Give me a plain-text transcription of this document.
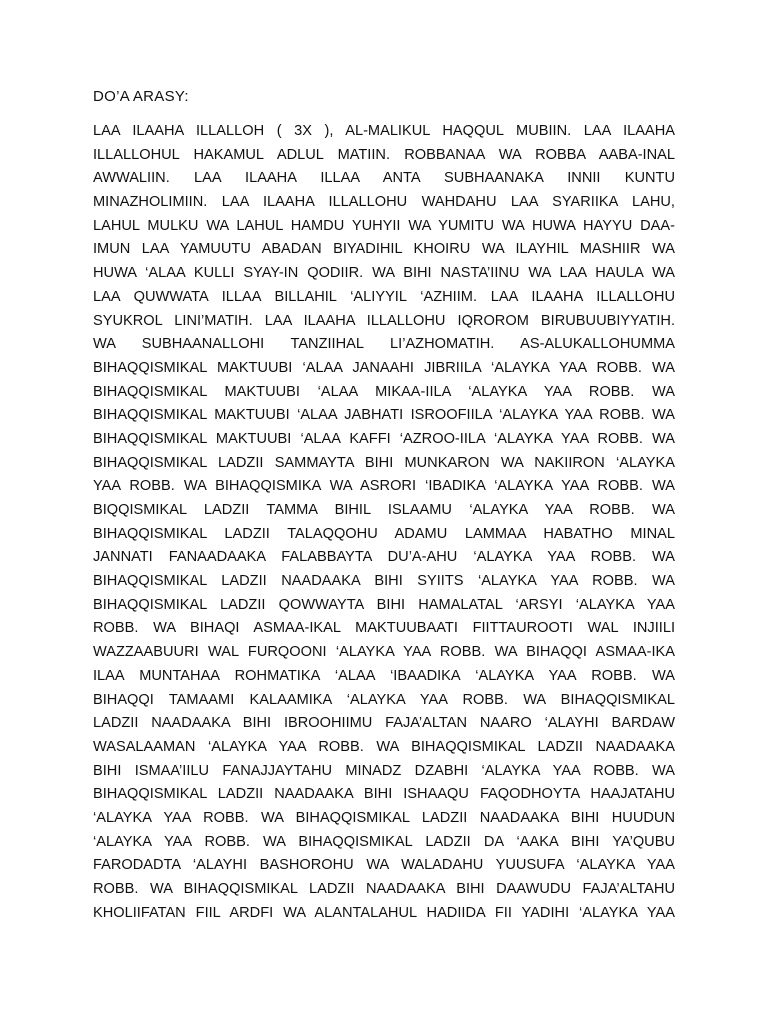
DO’A ARASY:
LAA ILAAHA ILLALLOH ( 3X ), AL-MALIKUL HAQQUL MUBIIN. LAA ILAAHA
ILLALLOHUL HAKAMUL ADLUL MATIIN. ROBBANAA WA ROBBA AABA-INAL
AWWALIIN. LAA ILAAHA ILLAA ANTA SUBHAANAKA INNII KUNTU
MINAZHOLIMIIN. LAA ILAAHA ILLALLOHU WAHDAHU LAA SYARIIKA LAHU,
LAHUL MULKU WA LAHUL HAMDU YUHYII WA YUMITU WA HUWA HAYYU DAA-
IMUN LAA YAMUUTU ABADAN BIYADIHIL KHOIRU WA ILAYHIL MASHIIR WA
HUWA ‘ALAA KULLI SYAY-IN QODIIR. WA BIHI NASTA’IINU WA LAA HAULA WA
LAA QUWWATA ILLAA BILLAHIL ‘ALIYYIL ‘AZHIIM. LAA ILAAHA ILLALLOHU
SYUKROL LINI’MATIH. LAA ILAAHA ILLALLOHU IQROROM BIRUBUUBIYYATIH.
WA SUBHAANALLOHI TANZIIHAL LI’AZHOMATIH. AS-ALUKALLOHUMMA
BIHAQQISMIKAL MAKTUUBI ‘ALAA JANAAHI JIBRIILA ‘ALAYKA YAA ROBB. WA
BIHAQQISMIKAL MAKTUUBI ‘ALAA MIKAA-IILA ‘ALAYKA YAA ROBB. WA
BIHAQQISMIKAL MAKTUUBI ‘ALAA JABHATI ISROOFIILA ‘ALAYKA YAA ROBB. WA
BIHAQQISMIKAL MAKTUUBI ‘ALAA KAFFI ‘AZROO-IILA ‘ALAYKA YAA ROBB. WA
BIHAQQISMIKAL LADZII SAMMAYTA BIHI MUNKARON WA NAKIIRON ‘ALAYKA
YAA ROBB. WA BIHAQQISMIKA WA ASRORI ‘IBADIKA ‘ALAYKA YAA ROBB. WA
BIQQISMIKAL LADZII TAMMA BIHIL ISLAAMU ‘ALAYKA YAA ROBB. WA
BIHAQQISMIKAL LADZII TALAQQOHU ADAMU LAMMAA HABATHO MINAL
JANNATI FANAADAAKA FALABBAYTA DU’A-AHU ‘ALAYKA YAA ROBB. WA
BIHAQQISMIKAL LADZII NAADAAKA BIHI SYIITS ‘ALAYKA YAA ROBB. WA
BIHAQQISMIKAL LADZII QOWWAYTA BIHI HAMALATAL ‘ARSYI ‘ALAYKA YAA
ROBB. WA BIHAQI ASMAA-IKAL MAKTUUBAATI FIITTAUROOTI WAL INJIILI
WAZZAABUURI WAL FURQOONI ‘ALAYKA YAA ROBB. WA BIHAQQI ASMAA-IKA
ILAA MUNTAHAA ROHMATIKA ‘ALAA ‘IBAADIKA ‘ALAYKA YAA ROBB. WA
BIHAQQI TAMAAMI KALAAMIKA ‘ALAYKA YAA ROBB. WA BIHAQQISMIKAL
LADZII NAADAAKA BIHI IBROOHIIMU FAJA’ALTAN NAARO ‘ALAYHI BARDAW
WASALAAMAN ‘ALAYKA YAA ROBB. WA BIHAQQISMIKAL LADZII NAADAAKA
BIHI ISMAA’IILU FANAJJAYTAHU MINADZ DZABHI ‘ALAYKA YAA ROBB. WA
BIHAQQISMIKAL LADZII NAADAAKA BIHI ISHAAQU FAQODHOYTA HAAJATAHU
‘ALAYKA YAA ROBB. WA BIHAQQISMIKAL LADZII NAADAAKA BIHI HUUDUN
‘ALAYKA YAA ROBB. WA BIHAQQISMIKAL LADZII DA ‘AAKA BIHI YA’QUBU
FARODADTA ‘ALAYHI BASHOROHU WA WALADAHU YUUSUFA ‘ALAYKA YAA
ROBB. WA BIHAQQISMIKAL LADZII NAADAAKA BIHI DAAWUDU FAJA’ALTAHU
KHOLIIFATAN FIIL ARDFI WA ALANTALAHUL HADIIDA FII YADIHI ‘ALAYKA YAA
